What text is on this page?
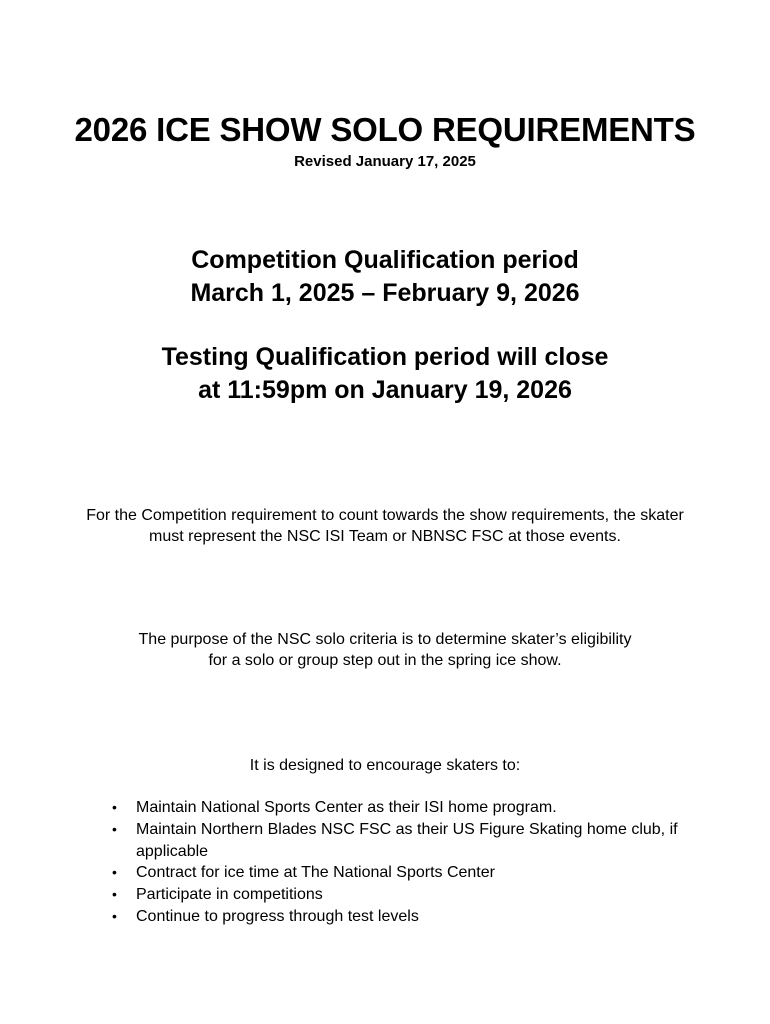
2026 ICE SHOW SOLO REQUIREMENTS
Revised January 17, 2025
Competition Qualification period
March 1, 2025 – February 9, 2026
Testing Qualification period will close
at 11:59pm on January 19, 2026
For the Competition requirement to count towards the show requirements, the skater
must represent the NSC ISI Team or NBNSC FSC at those events.
The purpose of the NSC solo criteria is to determine skater’s eligibility
for a solo or group step out in the spring ice show.
It is designed to encourage skaters to:
• Maintain National Sports Center as their ISI home program.
• Maintain Northern Blades NSC FSC as their US Figure Skating home club, if applicable
• Contract for ice time at The National Sports Center
• Participate in competitions
• Continue to progress through test levels
